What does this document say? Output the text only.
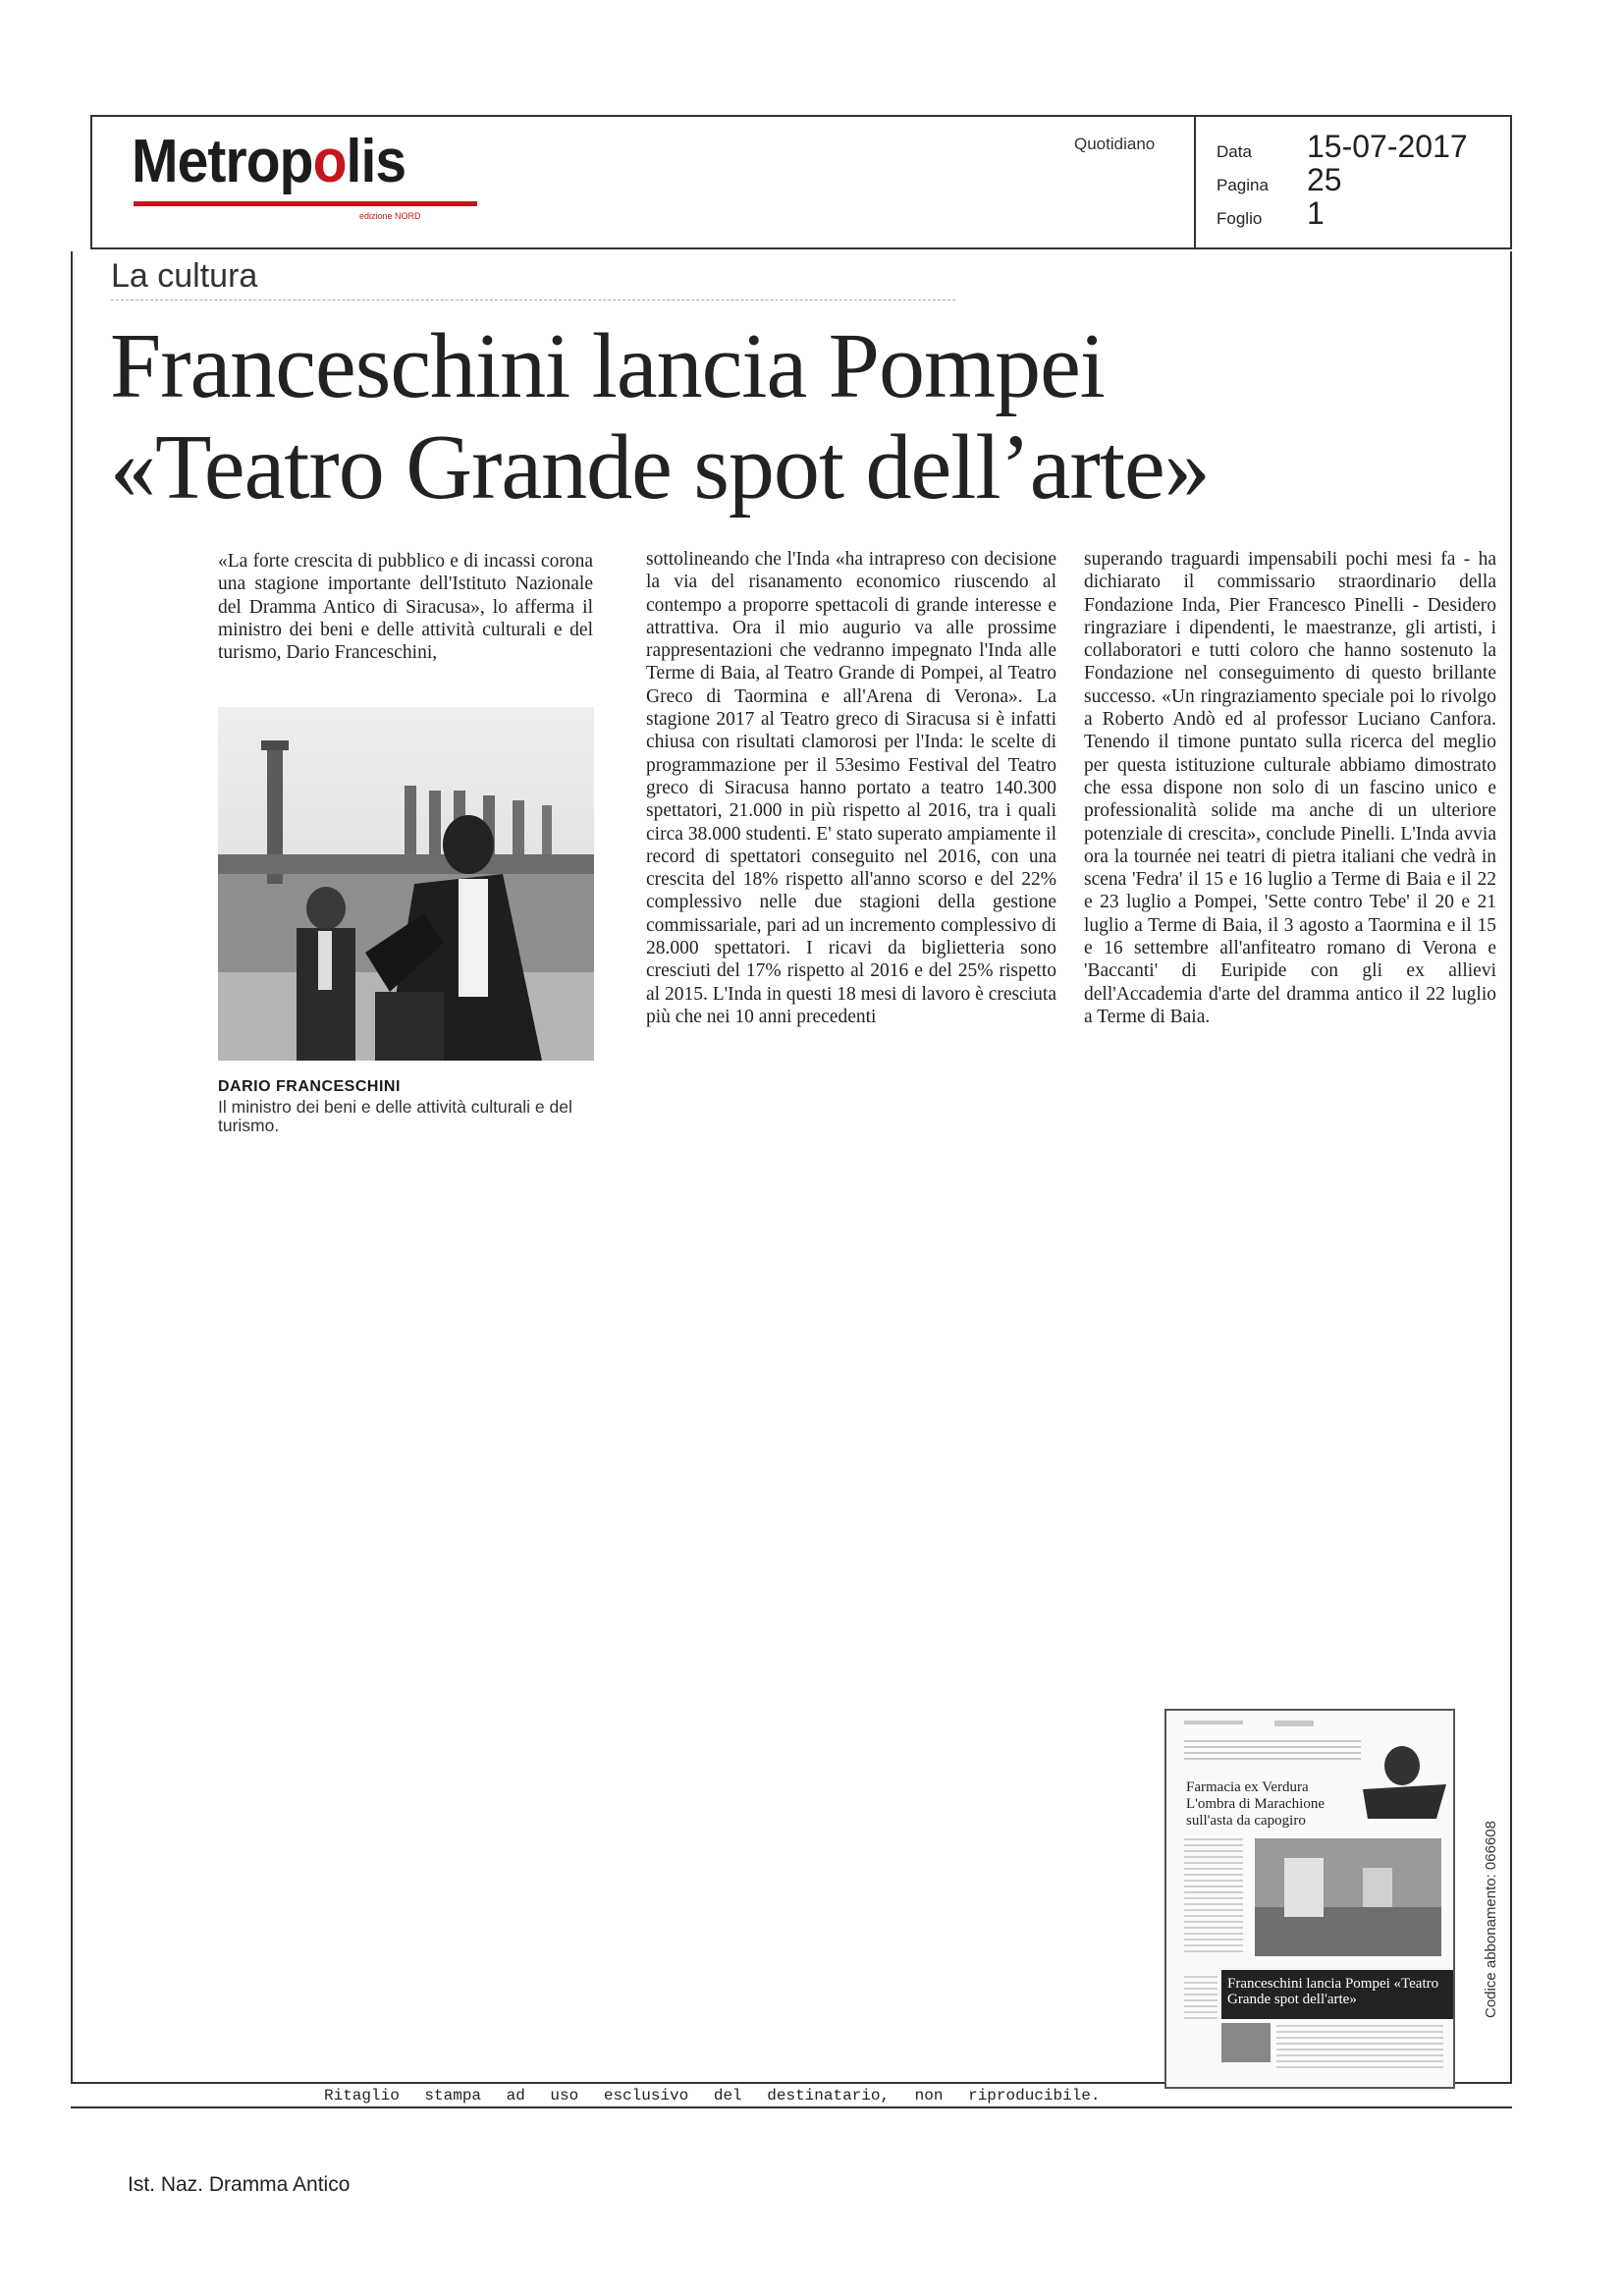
Metropolis
edizione NORD
Quotidiano	Data 15-07-2017
Pagina 25
Foglio 1
La cultura
Franceschini lancia Pompei
«Teatro Grande spot dell’arte»
«La forte crescita di pubblico e di incassi corona una stagione importante dell'Istituto Nazionale del Dramma Antico di Siracusa», lo afferma il ministro dei beni e delle attività culturali e del turismo, Dario Franceschini,
DARIO FRANCESCHINI
Il ministro dei beni e delle attività culturali e del turismo.
sottolineando che l'Inda «ha intrapreso con decisione la via del risanamento economico riuscendo al contempo a proporre spettacoli di grande interesse e attrattiva. Ora il mio augurio va alle prossime rappresentazioni che vedranno impegnato l'Inda alle Terme di Baia, al Teatro Grande di Pompei, al Teatro Greco di Taormina e all'Arena di Verona». La stagione 2017 al Teatro greco di Siracusa si è infatti chiusa con risultati clamorosi per l'Inda: le scelte di programmazione per il 53esimo Festival del Teatro greco di Siracusa hanno portato a teatro 140.300 spettatori, 21.000 in più rispetto al 2016, tra i quali circa 38.000 studenti. E' stato superato ampiamente il record di spettatori conseguito nel 2016, con una crescita del 18% rispetto all'anno scorso e del 22% complessivo nelle due stagioni della gestione commissariale, pari ad un incremento complessivo di 28.000 spettatori. I ricavi da biglietteria sono cresciuti del 17% rispetto al 2016 e del 25% rispetto al 2015. L'Inda in questi 18 mesi di lavoro è cresciuta più che nei 10 anni precedenti
superando traguardi impensabili pochi mesi fa - ha dichiarato il commissario straordinario della Fondazione Inda, Pier Francesco Pinelli - Desidero ringraziare i dipendenti, le maestranze, gli artisti, i collaboratori e tutti coloro che hanno sostenuto la Fondazione nel conseguimento di questo brillante successo. «Un ringraziamento speciale poi lo rivolgo a Roberto Andò ed al professor Luciano Canfora. Tenendo il timone puntato sulla ricerca del meglio per questa istituzione culturale abbiamo dimostrato che essa dispone non solo di un fascino unico e professionalità solide ma anche di un ulteriore potenziale di crescita», conclude Pinelli. L'Inda avvia ora la tournée nei teatri di pietra italiani che vedrà in scena 'Fedra' il 15 e 16 luglio a Terme di Baia e il 22 e 23 luglio a Pompei, 'Sette contro Tebe' il 20 e 21 luglio a Terme di Baia, il 3 agosto a Taormina e il 15 e 16 settembre all'anfiteatro romano di Verona e 'Baccanti' di Euripide con gli ex allievi dell'Accademia d'arte del dramma antico il 22 luglio a Terme di Baia.
Farmacia ex Verdura L'ombra di Marachione sull'asta da capogiro
Franceschini lancia Pompei «Teatro Grande spot dell'arte»	Codice abbonamento: 066608
Ritaglio stampa ad uso esclusivo del destinatario, non riproducibile.
Ist. Naz. Dramma Antico
